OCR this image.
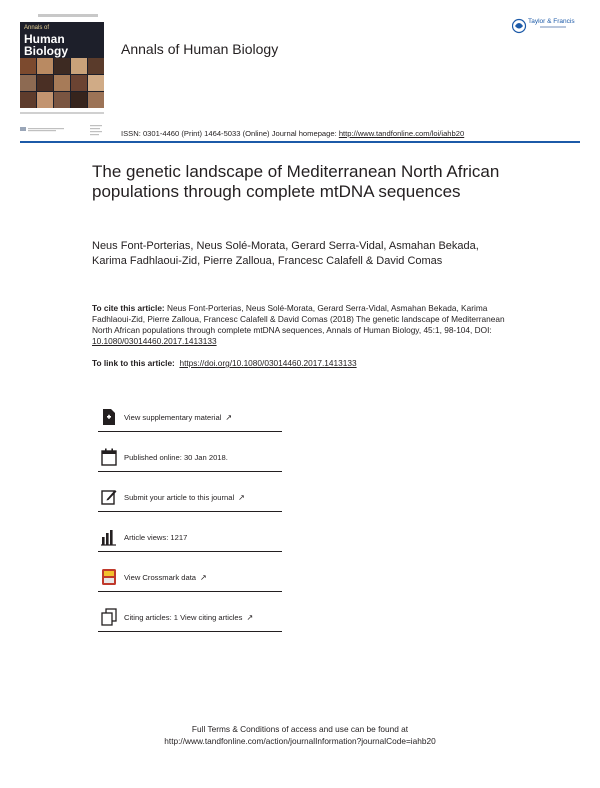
Annals of
Human Biology	Annals of Human Biology
Taylor & Francis
ISSN: 0301-4460 (Print) 1464-5033 (Online) Journal homepage: http://www.tandfonline.com/loi/iahb20
The genetic landscape of Mediterranean North African populations through complete mtDNA sequences
Neus Font-Porterias, Neus Solé-Morata, Gerard Serra-Vidal, Asmahan Bekada, Karima Fadhlaoui-Zid, Pierre Zalloua, Francesc Calafell & David Comas
To cite this article: Neus Font-Porterias, Neus Solé-Morata, Gerard Serra-Vidal, Asmahan Bekada, Karima Fadhlaoui-Zid, Pierre Zalloua, Francesc Calafell & David Comas (2018) The genetic landscape of Mediterranean North African populations through complete mtDNA sequences, Annals of Human Biology, 45:1, 98-104, DOI: 10.1080/03014460.2017.1413133
To link to this article:  https://doi.org/10.1080/03014460.2017.1413133
View supplementary material ↗
Published online: 30 Jan 2018.
Submit your article to this journal ↗
Article views: 1217
View Crossmark data ↗
Citing articles: 1 View citing articles ↗
Full Terms & Conditions of access and use can be found at
http://www.tandfonline.com/action/journalInformation?journalCode=iahb20
